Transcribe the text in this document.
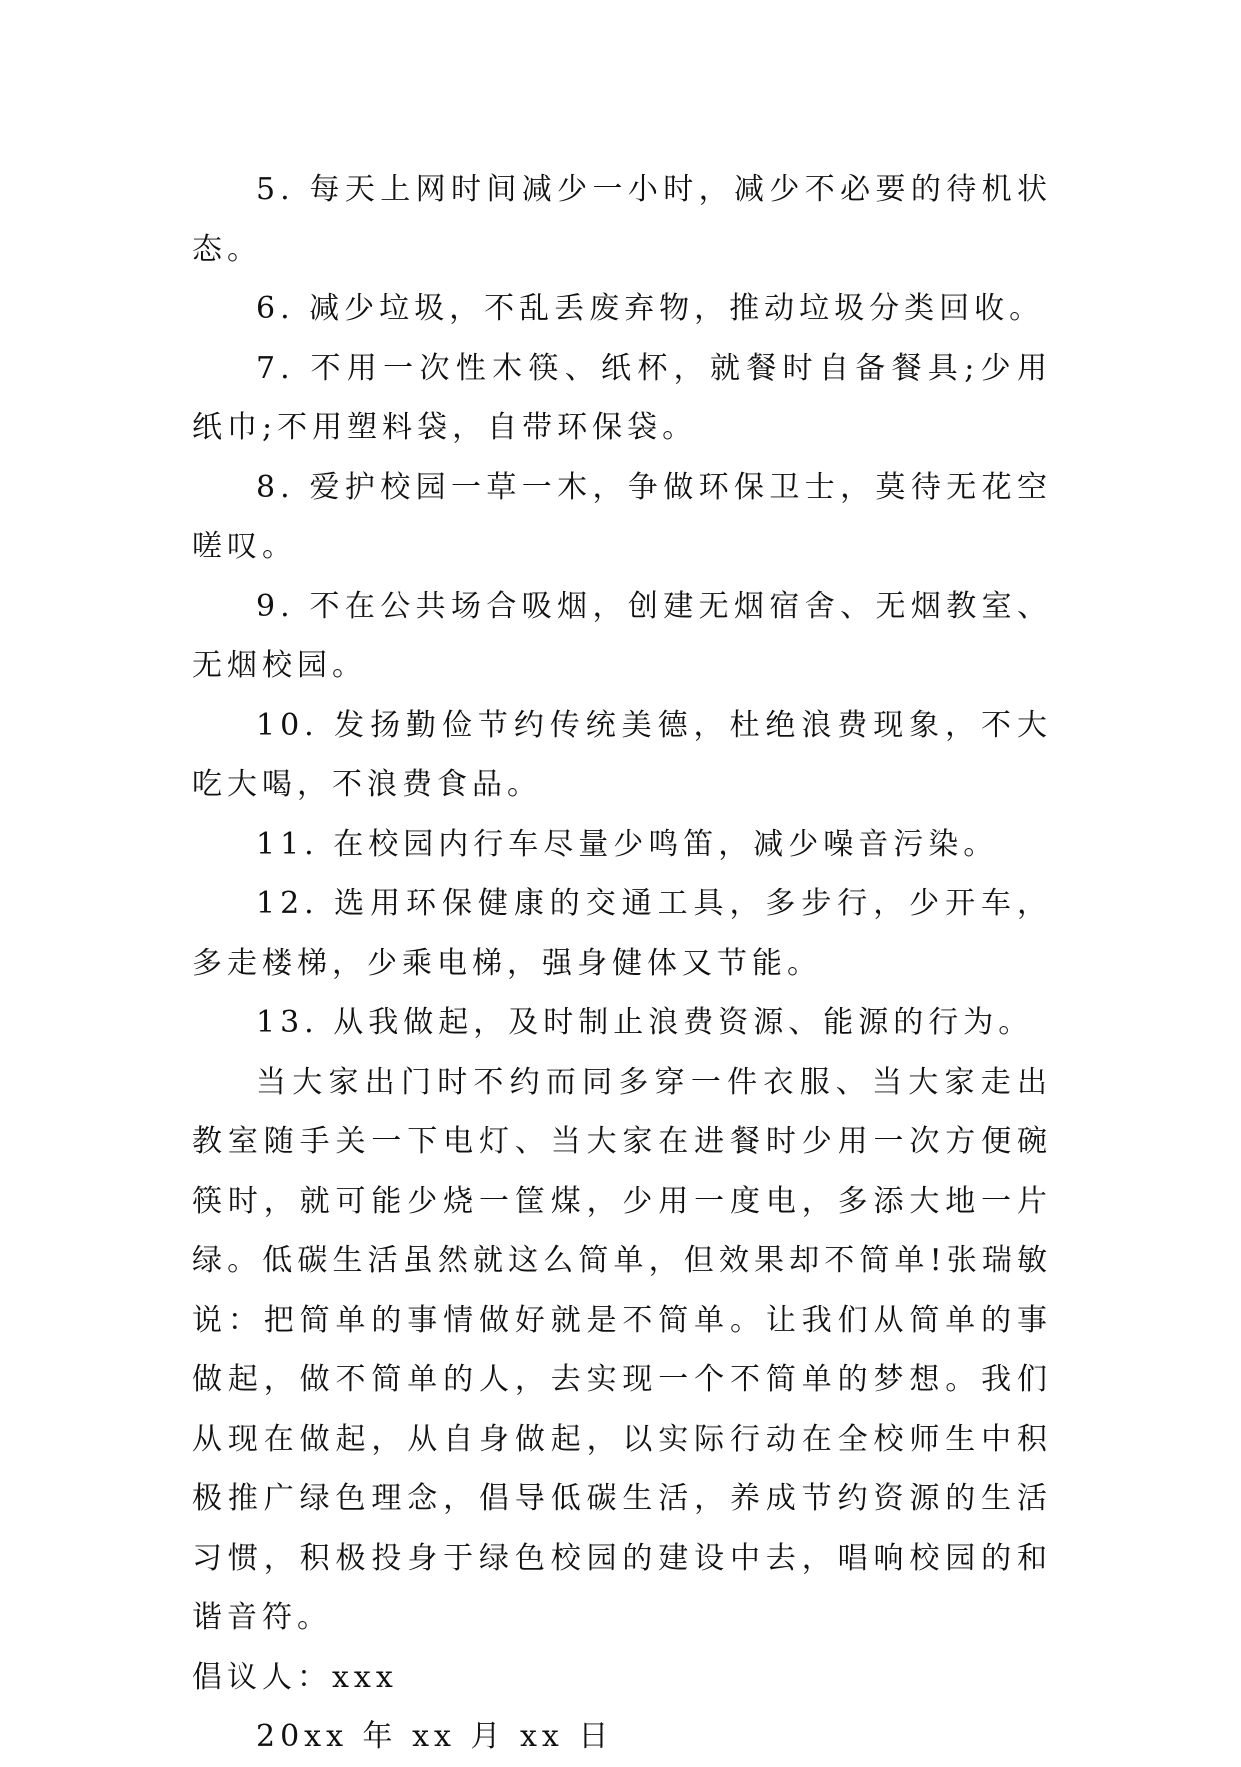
5. 每天上网时间减少一小时，减少不必要的待机状态。

6. 减少垃圾，不乱丢废弃物，推动垃圾分类回收。

7. 不用一次性木筷、纸杯，就餐时自备餐具;少用纸巾;不用塑料袋，自带环保袋。

8. 爱护校园一草一木，争做环保卫士，莫待无花空嗟叹。

9. 不在公共场合吸烟，创建无烟宿舍、无烟教室、无烟校园。

10. 发扬勤俭节约传统美德，杜绝浪费现象，不大吃大喝，不浪费食品。

11. 在校园内行车尽量少鸣笛，减少噪音污染。

12. 选用环保健康的交通工具，多步行，少开车，多走楼梯，少乘电梯，强身健体又节能。

13. 从我做起，及时制止浪费资源、能源的行为。

当大家出门时不约而同多穿一件衣服、当大家走出教室随手关一下电灯、当大家在进餐时少用一次方便碗筷时，就可能少烧一筐煤，少用一度电，多添大地一片绿。低碳生活虽然就这么简单，但效果却不简单!张瑞敏说：把简单的事情做好就是不简单。让我们从简单的事做起，做不简单的人，去实现一个不简单的梦想。我们从现在做起，从自身做起，以实际行动在全校师生中积极推广绿色理念，倡导低碳生活，养成节约资源的生活习惯，积极投身于绿色校园的建设中去，唱响校园的和谐音符。

倡议人：xxx

20xx 年 xx 月 xx 日
